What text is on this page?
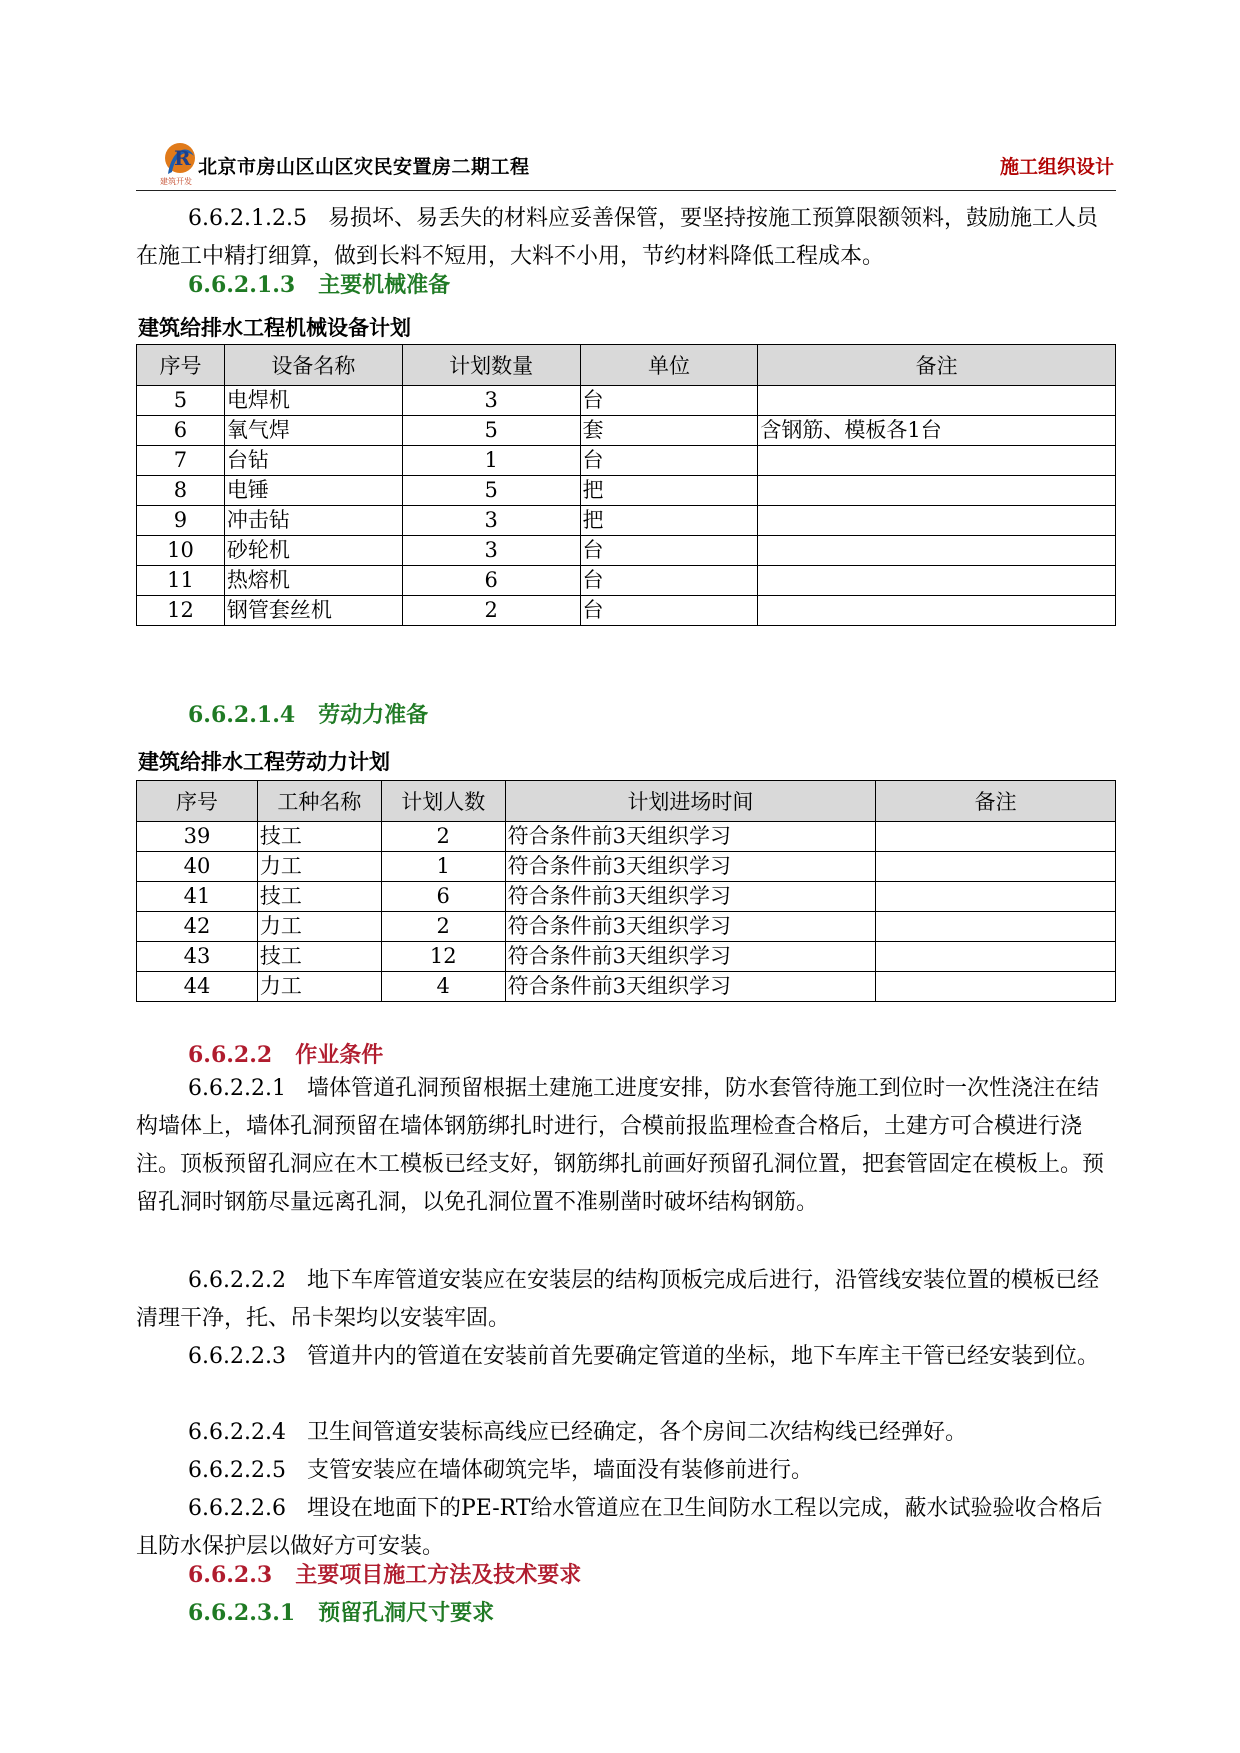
R
建筑开发
北京市房山区山区灾民安置房二期工程	施工组织设计

6.6.2.1.2.5 易损坏、易丢失的材料应妥善保管，要坚持按施工预算限额领料，鼓励施工人员在施工中精打细算，做到长料不短用，大料不小用，节约材料降低工程成本。

6.6.2.1.3 主要机械准备
建筑给排水工程机械设备计划
序号	设备名称	计划数量	单位	备注
5	电焊机	3	台	
6	氧气焊	5	套	含钢筋、模板各1台
7	台钻	1	台	
8	电锤	5	把	
9	冲击钻	3	把	
10	砂轮机	3	台	
11	热熔机	6	台	
12	钢管套丝机	2	台	
6.6.2.1.4 劳动力准备
建筑给排水工程劳动力计划
序号	工种名称	计划人数	计划进场时间	备注
39	技工	2	符合条件前3天组织学习	
40	力工	1	符合条件前3天组织学习	
41	技工	6	符合条件前3天组织学习	
42	力工	2	符合条件前3天组织学习	
43	技工	12	符合条件前3天组织学习	
44	力工	4	符合条件前3天组织学习	
6.6.2.2 作业条件

6.6.2.2.1 墙体管道孔洞预留根据土建施工进度安排，防水套管待施工到位时一次性浇注在结构墙体上，墙体孔洞预留在墙体钢筋绑扎时进行，合模前报监理检查合格后，土建方可合模进行浇注。顶板预留孔洞应在木工模板已经支好，钢筋绑扎前画好预留孔洞位置，把套管固定在模板上。预留孔洞时钢筋尽量远离孔洞，以免孔洞位置不准剔凿时破坏结构钢筋。

6.6.2.2.2 地下车库管道安装应在安装层的结构顶板完成后进行，沿管线安装位置的模板已经清理干净，托、吊卡架均以安装牢固。

6.6.2.2.3 管道井内的管道在安装前首先要确定管道的坐标，地下车库主干管已经安装到位。

6.6.2.2.4 卫生间管道安装标高线应已经确定，各个房间二次结构线已经弹好。

6.6.2.2.5 支管安装应在墙体砌筑完毕，墙面没有装修前进行。

6.6.2.2.6 埋设在地面下的PE-RT给水管道应在卫生间防水工程以完成，蔽水试验验收合格后且防水保护层以做好方可安装。

6.6.2.3 主要项目施工方法及技术要求
6.6.2.3.1 预留孔洞尺寸要求
